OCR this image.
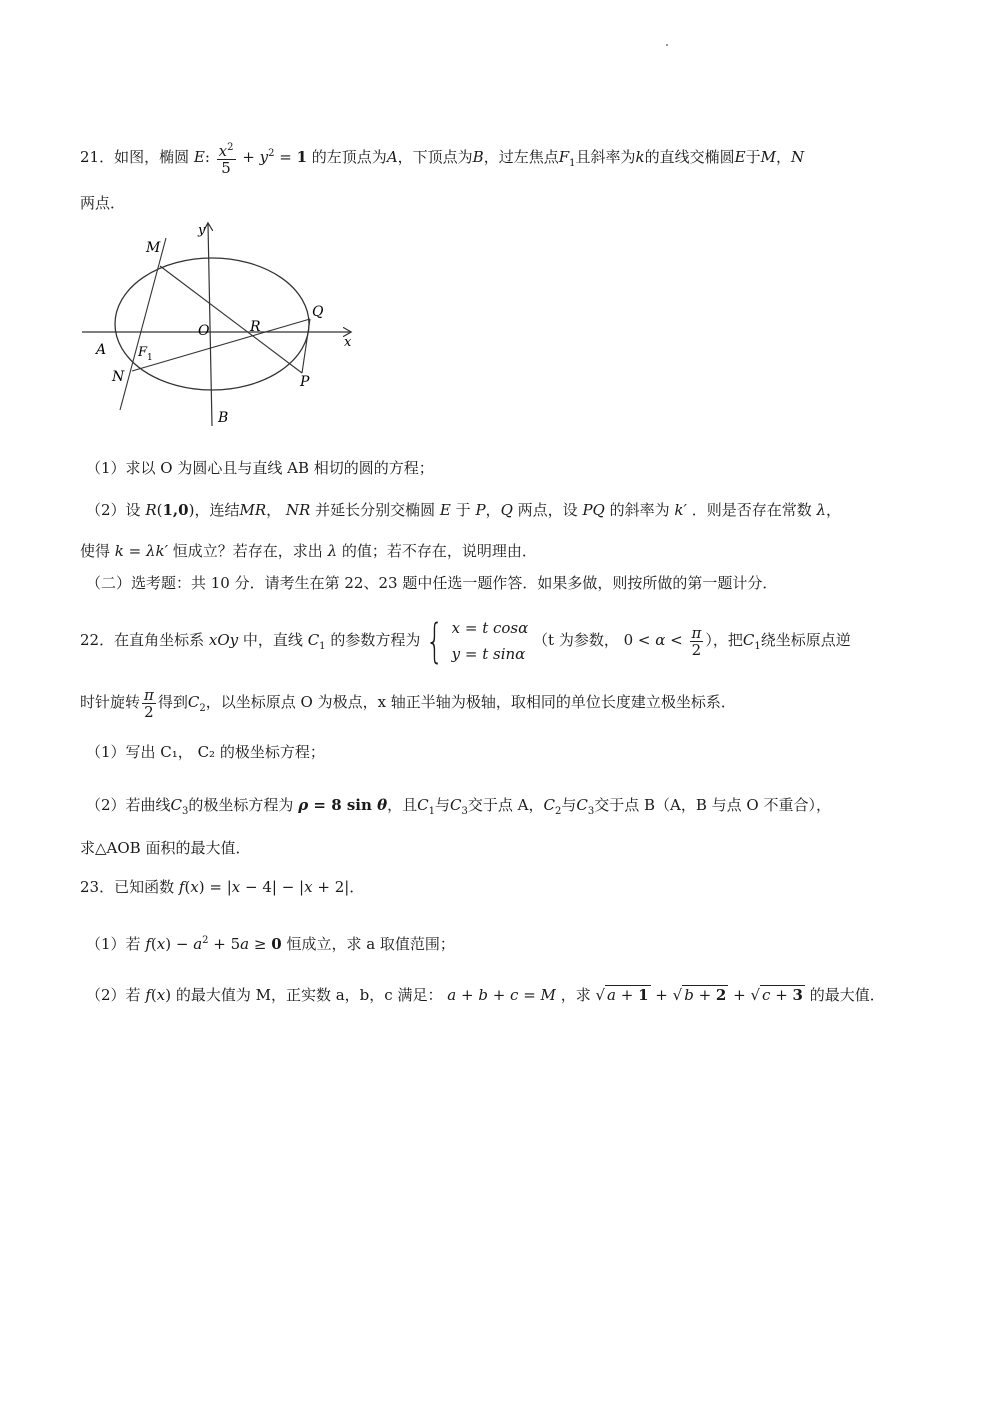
21．如图，椭圆 E: $\frac{x^2}{5} + y^2 = 1$ 的左顶点为A，下顶点为B，过左焦点$F_1$且斜率为k的直线交椭圆E于M，N
两点．
y
x
M
O	R
Q
A F 1
N	P
B
（1）求以 O 为圆心且与直线 AB 相切的圆的方程；
（2）设 R(1,0)，连结MR， NR 并延长分别交椭圆 E 于 P，Q 两点，设 PQ 的斜率为 k′ ．则是否存在常数 λ，
使得 k = λk′ 恒成立？若存在，求出 λ 的值；若不存在，说明理由．
（二）选考题：共 10 分．请考生在第 22、23 题中任选一题作答．如果多做，则按所做的第一题计分．
22．在直角坐标系 xOy 中，直线 $C_1$ 的参数方程为 { x = t cosα
y = t sinα （t 为参数， $0 < \alpha < \frac{\pi}{2}$ ），把$C_1$绕坐标原点逆
时针旋转 $\frac{\pi}{2}$ 得到$C_2$，以坐标原点 O 为极点，x 轴正半轴为极轴，取相同的单位长度建立极坐标系．
（1）写出 C₁， C₂ 的极坐标方程；
（2）若曲线$C_3$的极坐标方程为 ρ = 8 sin θ，且$C_1$与$C_3$交于点 A，$C_2$与$C_3$交于点 B（A，B 与点 O 不重合），
求△AOB 面积的最大值．
23．已知函数 f(x) = |x − 4| − |x + 2|．
（1）若 $f(x) - a^2 + 5a \ge 0$ 恒成立，求 a 取值范围；
（2）若 f(x) 的最大值为 M，正实数 a，b，c 满足： a + b + c = M ，求 √ a + 1 + √ b + 2 + √ c + 3 的最大值．
